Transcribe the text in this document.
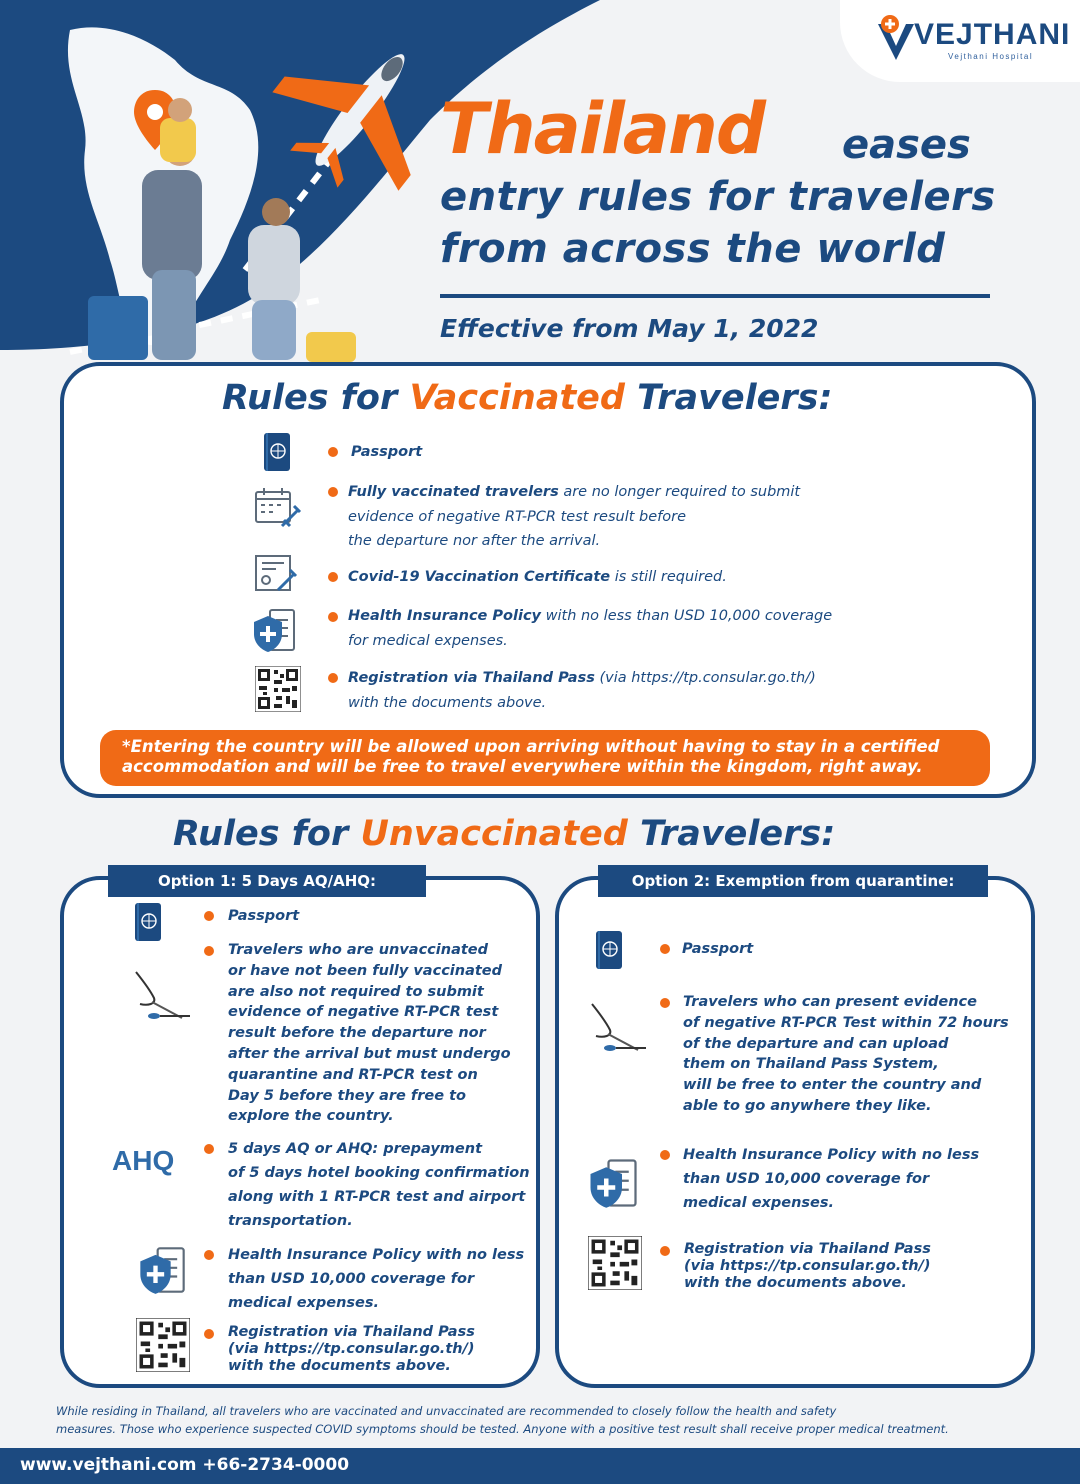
VEJTHANI
Vejthani Hospital
Thailand eases
entry rules for travelers
from across the world
Effective from May 1, 2022
Rules for Vaccinated Travelers:
Passport
Fully vaccinated travelers are no longer required to submit
evidence of negative RT-PCR test result before
the departure nor after the arrival.
Covid-19 Vaccination Certificate is still required.
Health Insurance Policy with no less than USD 10,000 coverage
for medical expenses.
Registration via Thailand Pass (via https://tp.consular.go.th/)
with the documents above.
*Entering the country will be allowed upon arriving without having to stay in a certified
accommodation and will be free to travel everywhere within the kingdom, right away.
Rules for Unvaccinated Travelers:
Option 1: 5 Days AQ/AHQ:	Option 2: Exemption from quarantine:
Passport
Travelers who are unvaccinated
or have not been fully vaccinated
are also not required to submit
evidence of negative RT-PCR test
result before the departure nor
after the arrival but must undergo
quarantine and RT-PCR test on
Day 5 before they are free to
explore the country.
AHQ	5 days AQ or AHQ: prepayment
of 5 days hotel booking confirmation
along with 1 RT-PCR test and airport
transportation.
Health Insurance Policy with no less
than USD 10,000 coverage for
medical expenses.
Registration via Thailand Pass
(via https://tp.consular.go.th/)
with the documents above.
Passport
Travelers who can present evidence
of negative RT-PCR Test within 72 hours
of the departure and can upload
them on Thailand Pass System,
will be free to enter the country and
able to go anywhere they like.
Health Insurance Policy with no less
than USD 10,000 coverage for
medical expenses.
Registration via Thailand Pass
(via https://tp.consular.go.th/)
with the documents above.
While residing in Thailand, all travelers who are vaccinated and unvaccinated are recommended to closely follow the health and safety
measures. Those who experience suspected COVID symptoms should be tested. Anyone with a positive test result shall receive proper medical treatment.
www.vejthani.com +66-2734-0000
